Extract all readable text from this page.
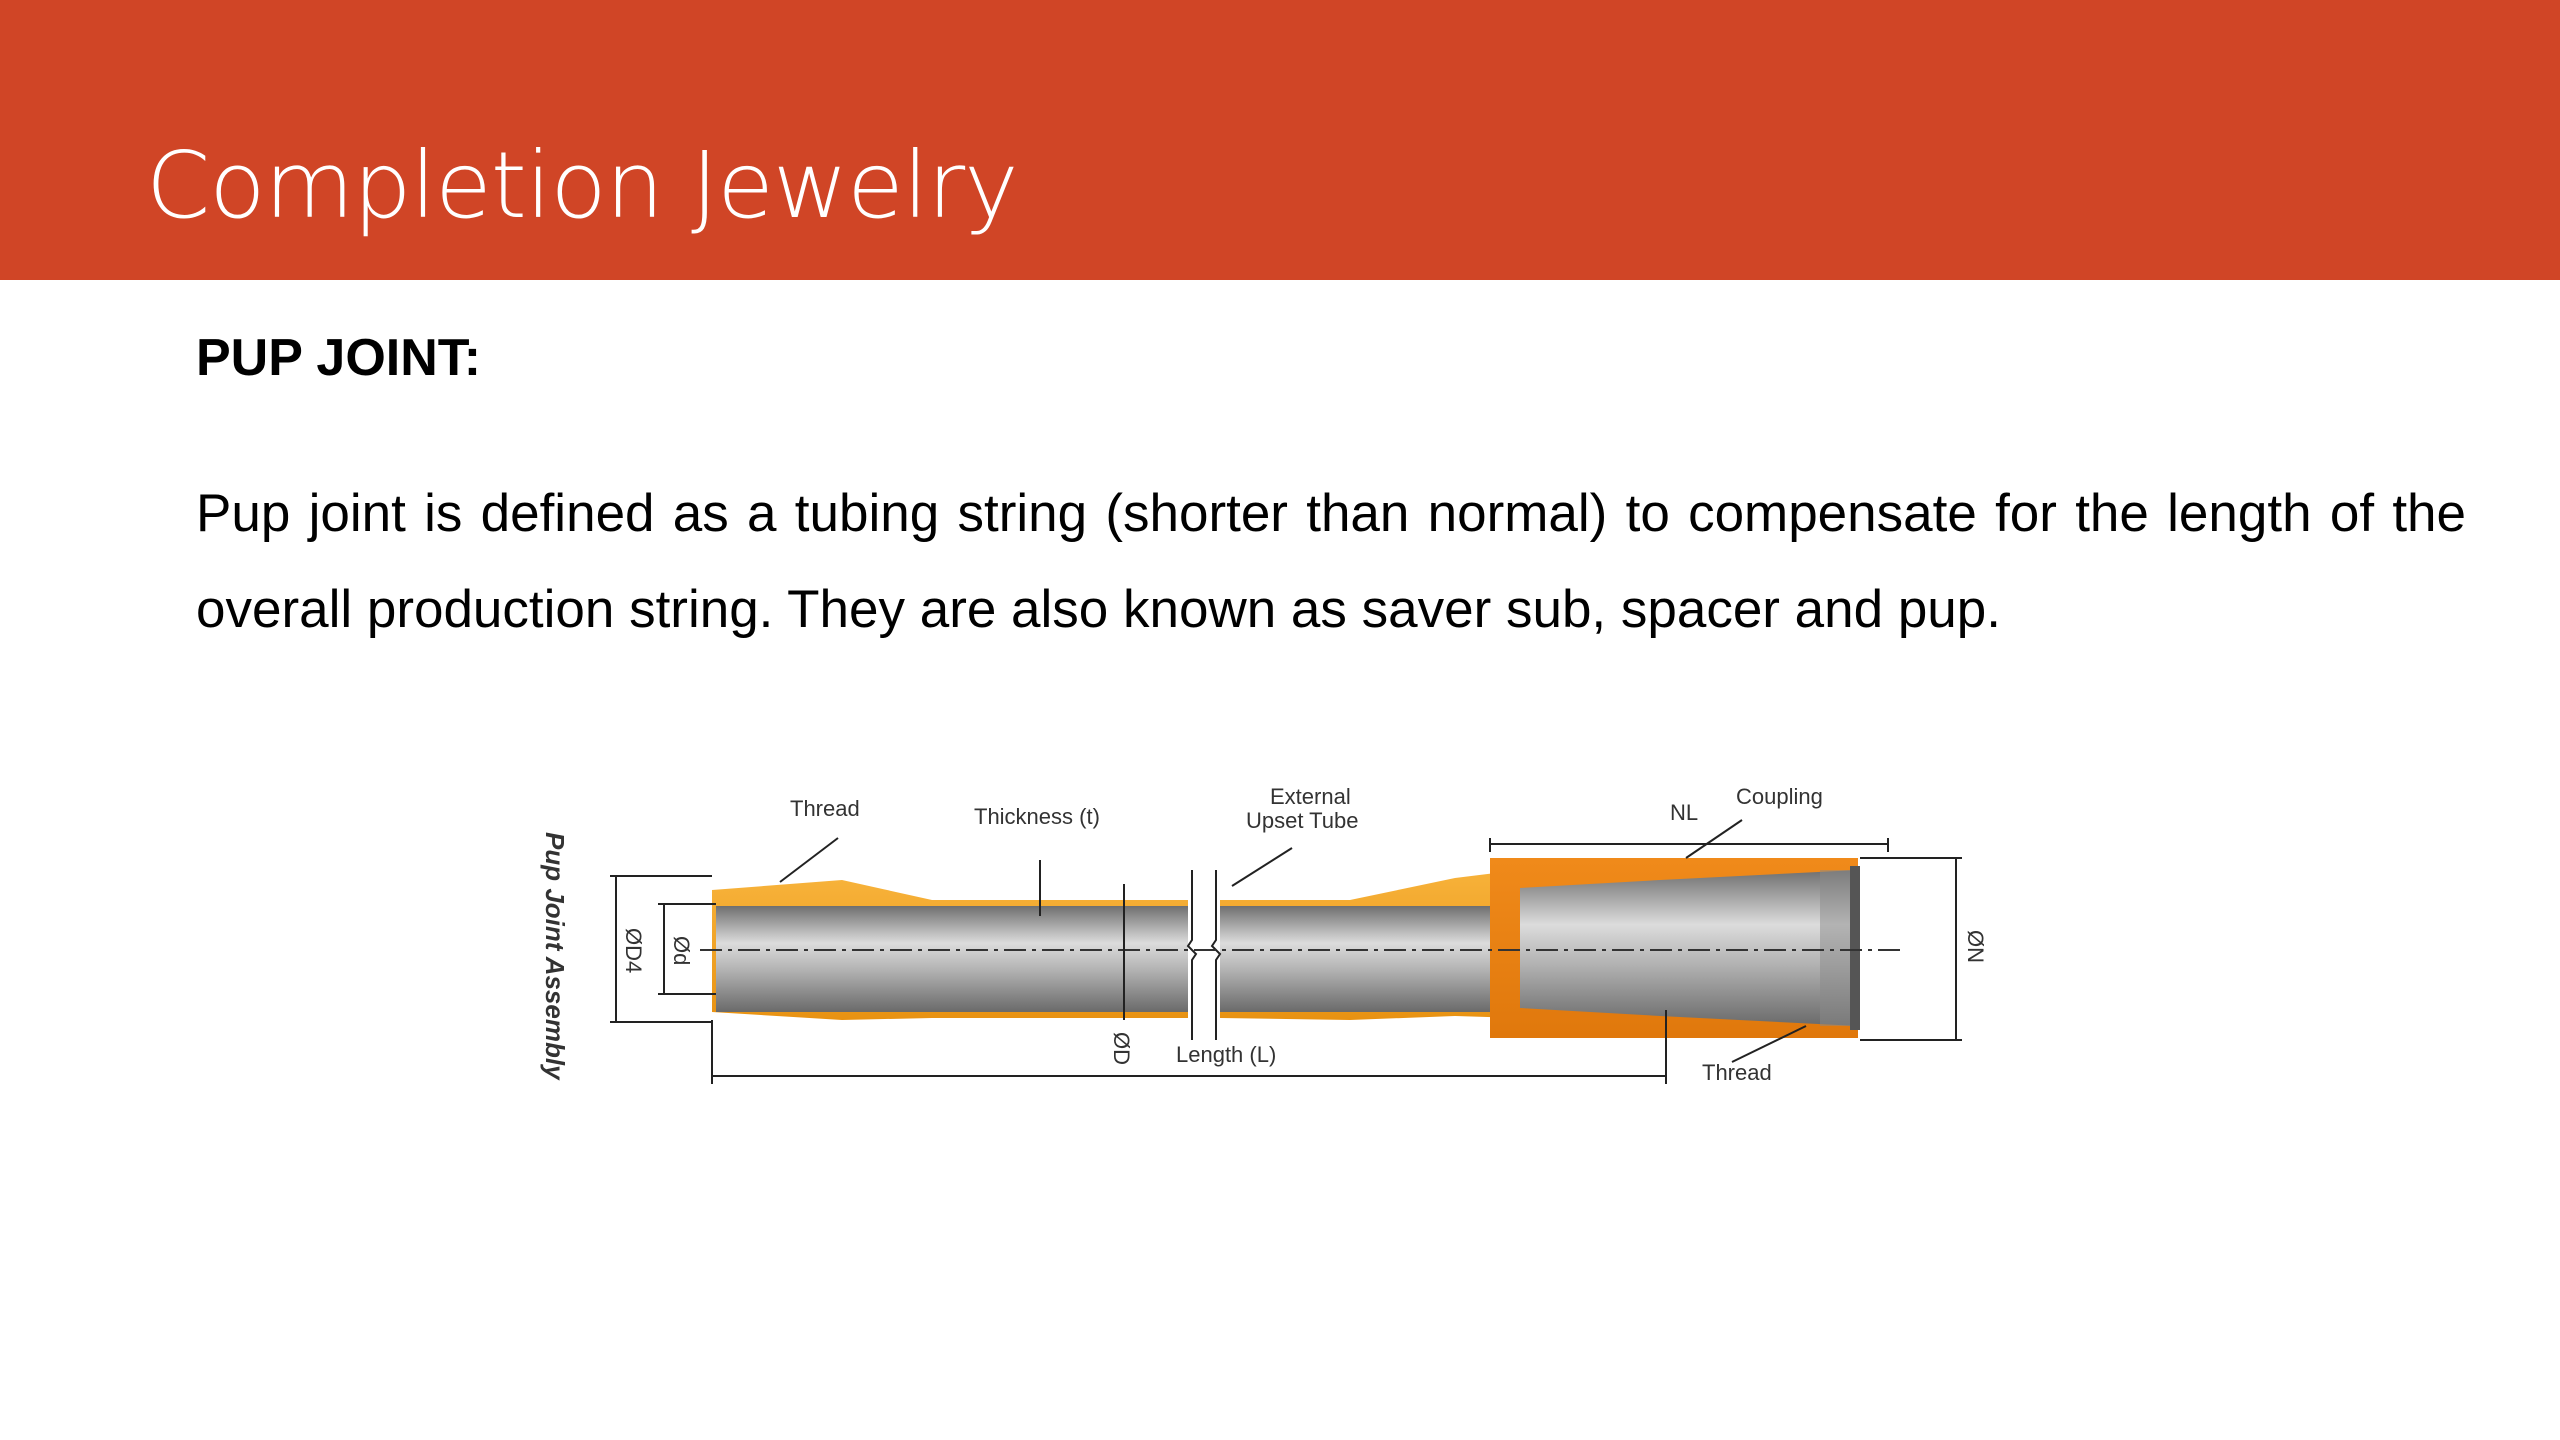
Completion Jewelry
PUP JOINT:
Pup joint is defined as a tubing string (shorter than normal) to compensate for the length of the overall production string. They are also known as saver sub, spacer and pup.
Pup Joint Assembly
Thread	Thickness (t)
External
Upset Tube	NL
Coupling
ØD4 Ød
ØD Length (L)
Thread
ØN
